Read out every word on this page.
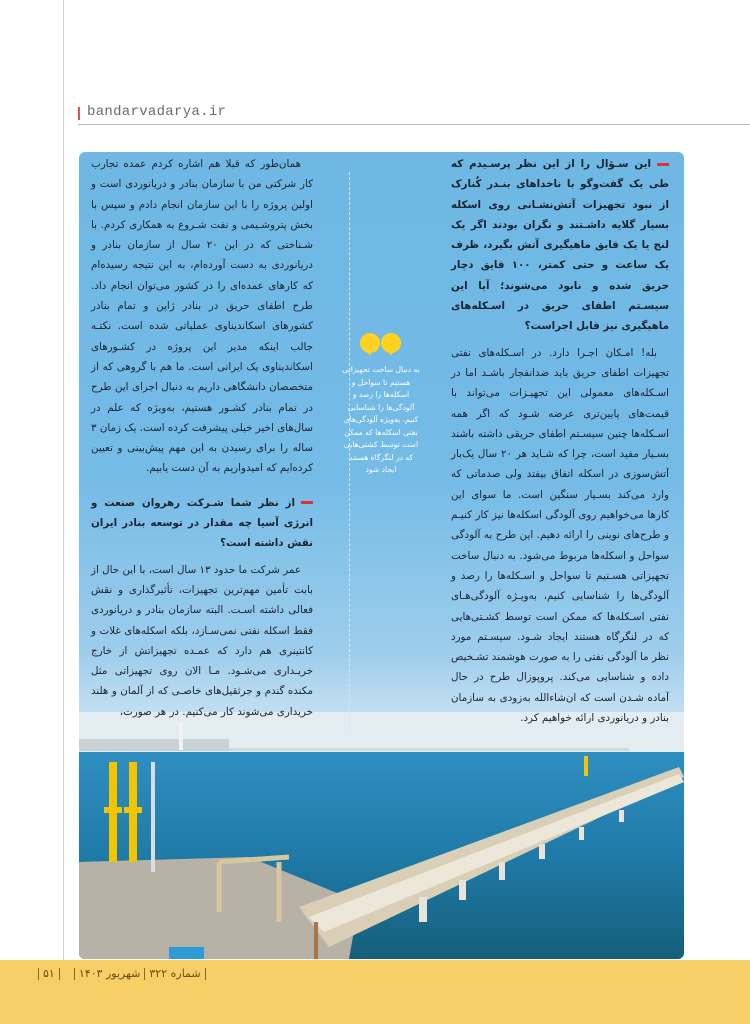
bandarvadarya.ir

این سـؤال را از این نظر پرسـیدم که طی یک گفت‌وگو با ناخداهای بنـدر کُنارک از نبود تجهیزات آتش‌نشـانی روی اسکله بسیار گلایه داشـتند و نگران بودند اگر یک لنج یا یک قایق ماهیگیری آتش بگیرد، ظرف یک ساعت و حتی کمتر، ۱۰۰ قایق دچار حریق شده و نابود می‌شوند؛ آیا این سیسـتم اطفای حریق در اسـکله‌های ماهیگیری نیز قابل اجراست؟

بله! امـکان اجـرا دارد. در اسـکله‌های نفتی تجهیزات اطفای حریق باید ضدانفجار باشـد اما در اسـکله‌های معمولی این تجهیـزات می‌تواند با قیمت‌های پایین‌تری عرضه شـود که اگر همه اسـکله‌ها چنین سیسـتم اطفای حریقی داشته باشند بسـیار مفید است، چرا که شـاید هر ۲۰ سال یک‌بار آتش‌سوزی در اسکله اتفاق بیفتد ولی صدماتی که وارد می‌کند بسـیار سنگین است. ما سوای این کارها می‌خواهیم روی آلودگی اسکله‌ها نیز کار کنیـم و طرح‌های نوینی را ارائه دهیم. این طرح به آلودگی سواحل و اسکله‌ها مربوط می‌شود. به دنبال ساخت تجهیزاتی هسـتیم تا سواحل و اسـکله‌ها را رصد و آلودگی‌ها را شناسایی کنیم، به‌ویـژه آلودگی‌هـای نفتی اسـکله‌ها که ممکن است توسط کشـتی‌هایی که در لنگرگاه هستند ایجاد شـود. سیسـتم مورد نظر ما آلودگی نفتی را به صورت هوشمند تشـخیص داده و شناسایی می‌کند. پروپوزال طرح در حال آماده شـدن است که ان‌شاءالله به‌زودی به سازمان بنادر و دریانوردی ارائه خواهیم کرد.

به دنبال ساخت تجهیزاتی هستیم تا سواحل و اسکله‌ها را رصد و آلودگی‌ها را شناسایی کنیم، به‌ویژه آلودگی‌های نفتی اسکله‌ها که ممکن است توسط کشتی‌هایی که در لنگرگاه هستند ایجاد شود

همان‌طور که قبلا هم اشاره کردم عمده تجارب کار شرکتی من با سازمان بنادر و دریانوردی است و اولین پروژه را با این سازمان انجام دادم و سپس با بخش پتروشـیمی و نفت شـروع به همکاری کردم. با شـناختی که در این ۲۰ سال از سازمان بنادر و دریانوردی به دست آورده‌ام، به این نتیجه رسیده‌ام که کارهای عمده‌ای را در کشور می‌توان انجام داد. طرح اطفای حریق در بنادر ژاپن و تمام بنادر کشورهای اسکاندیناوی عملیاتی شده است. نکتـه جالب اینکه مدیر این پروژه در کشـورهای اسکاندیناوی یک ایرانی است. ما هم با گروهی که از متخصصان دانشگاهی داریم به دنبال اجرای این طرح در تمام بنادر کشـور هستیم، به‌ویژه که علم در سال‌های اخیر خیلی پیشرفت کرده است. یک زمان ۳ ساله را برای رسیدن به این مهم پیش‌بینی و تعیین کرده‌ایم که امیدواریم به آن دست یابیم.

از نظر شما شـرکت رهروان صنعت و انرژی آسیا چه مقدار در توسعه بنادر ایران نقش داشته است؟

عمر شرکت ما حدود ۱۳ سال است، با این حال از بابت تأمین مهم‌ترین تجهیزات، تأثیرگذاری و نقش فعالی داشته اسـت. البته سازمان بنادر و دریانوردی فقط اسکله نفتی نمی‌سـازد، بلکه اسکله‌های غلات و کانتینری هم دارد که عمـده تجهیزاتش از خارج خریـداری می‌شـود. مـا الان روی تجهیزاتی مثل مکنده گندم و جرثقیل‌های خاصـی که از آلمان و هلند خریداری می‌شوند کار می‌کنیم. در هر صورت،

شماره ۳۲۲
شهریور ۱۴۰۳
۵۱
